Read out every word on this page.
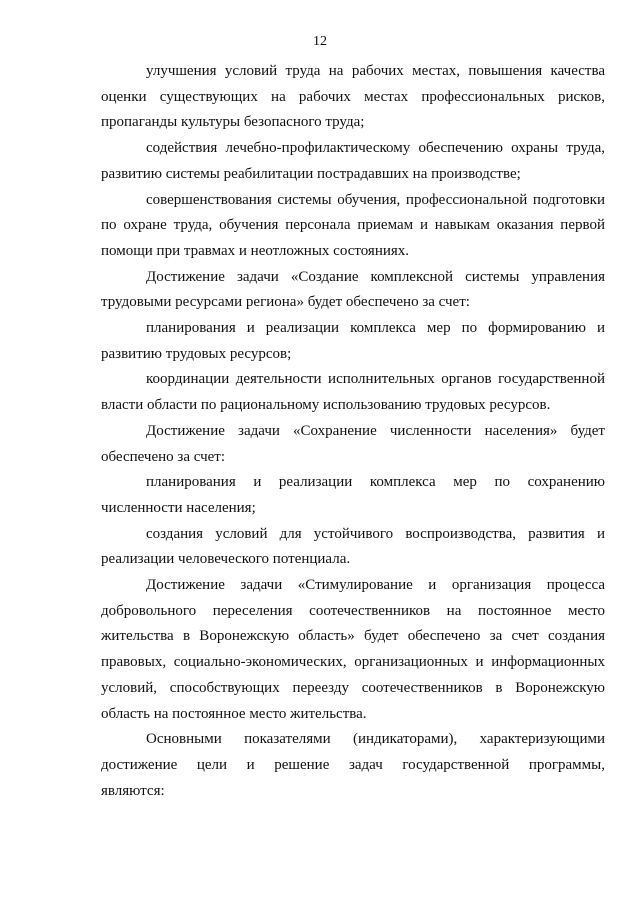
12

улучшения условий труда на рабочих местах, повышения качества оценки существующих на рабочих местах профессиональных рисков, пропаганды культуры безопасного труда;

содействия лечебно-профилактическому обеспечению охраны труда, развитию системы реабилитации пострадавших на производстве;

совершенствования системы обучения, профессиональной подготовки по охране труда, обучения персонала приемам и навыкам оказания первой помощи при травмах и неотложных состояниях.

Достижение задачи «Создание комплексной системы управления трудовыми ресурсами региона» будет обеспечено за счет:

планирования и реализации комплекса мер по формированию и развитию трудовых ресурсов;

координации деятельности исполнительных органов государственной власти области по рациональному использованию трудовых ресурсов.

Достижение задачи «Сохранение численности населения» будет обеспечено за счет:

планирования и реализации комплекса мер по сохранению численности населения;

создания условий для устойчивого воспроизводства, развития и реализации человеческого потенциала.

Достижение задачи «Стимулирование и организация процесса добровольного переселения соотечественников на постоянное место жительства в Воронежскую область» будет обеспечено за счет создания правовых, социально-экономических, организационных и информационных условий, способствующих переезду соотечественников в Воронежскую область на постоянное место жительства.

Основными показателями (индикаторами), характеризующими достижение цели и решение задач государственной программы, являются:
